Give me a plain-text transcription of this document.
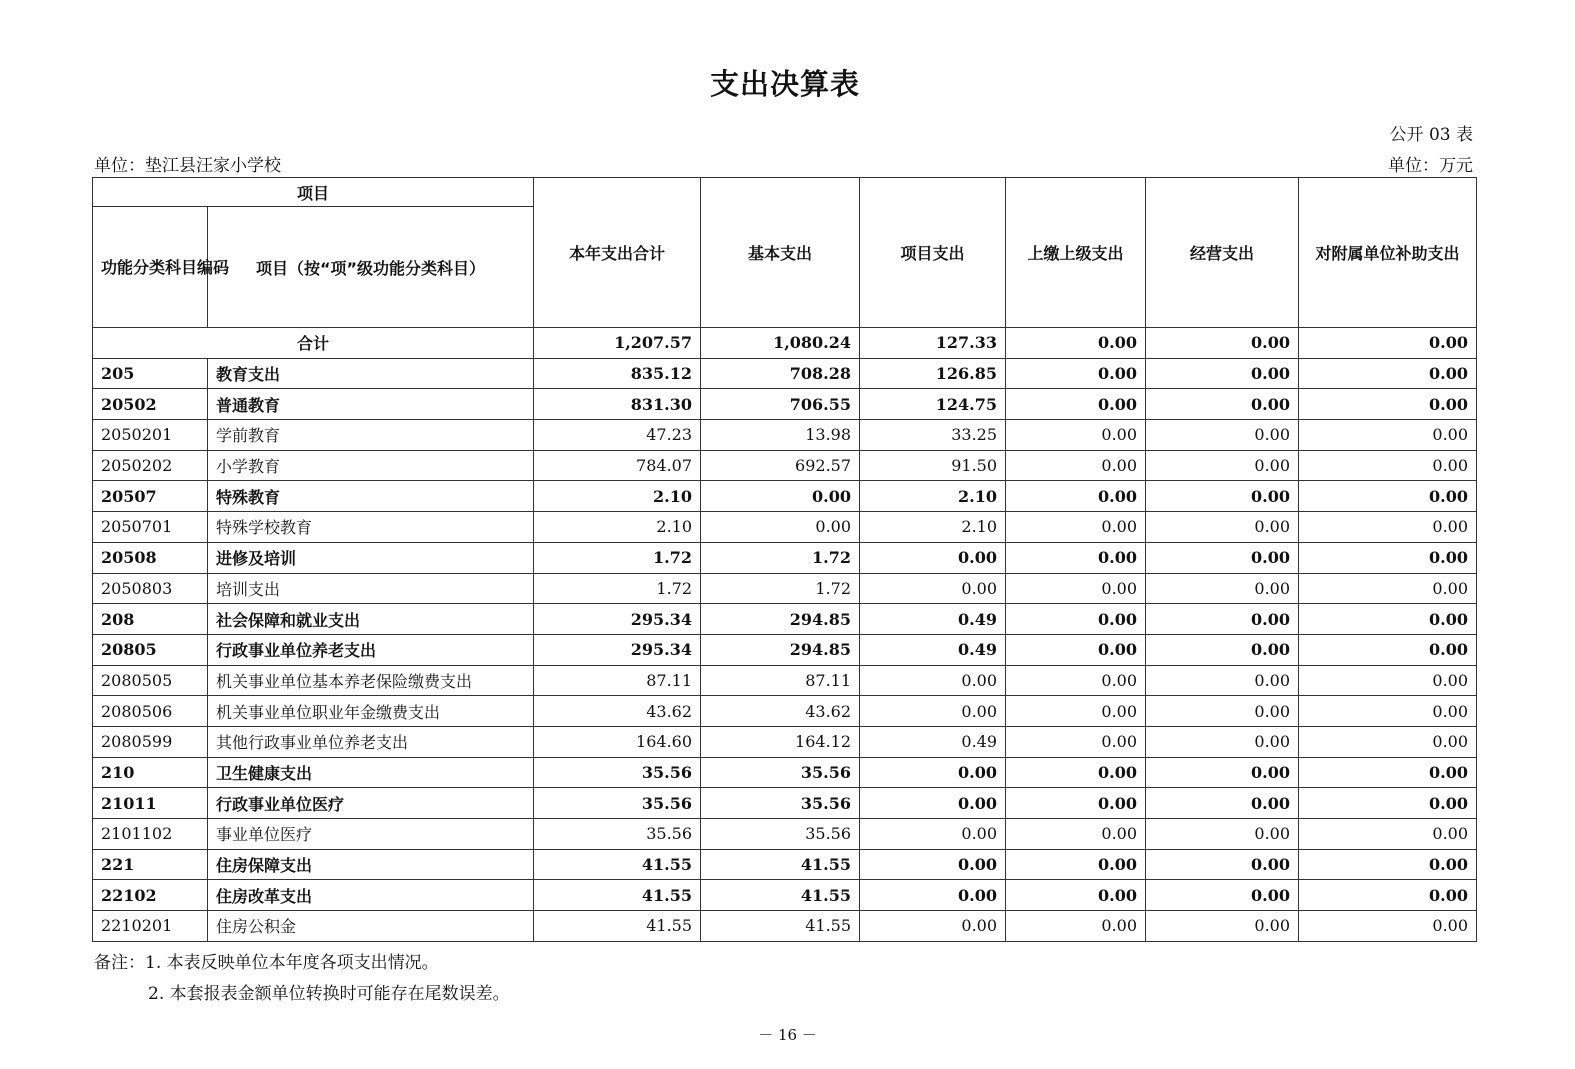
支出决算表
公开 03 表
单位：垫江县汪家小学校	单位：万元
项目		本年支出合计	基本支出	项目支出	上缴上级支出	经营支出	对附属单位补助支出
功能分类科目编码	项目（按“项”级功能分类科目）						
合计		1,207.57	1,080.24	127.33	0.00	0.00	0.00
205	教育支出	835.12	708.28	126.85	0.00	0.00	0.00
20502	普通教育	831.30	706.55	124.75	0.00	0.00	0.00
2050201	学前教育	47.23	13.98	33.25	0.00	0.00	0.00
2050202	小学教育	784.07	692.57	91.50	0.00	0.00	0.00
20507	特殊教育	2.10	0.00	2.10	0.00	0.00	0.00
2050701	特殊学校教育	2.10	0.00	2.10	0.00	0.00	0.00
20508	进修及培训	1.72	1.72	0.00	0.00	0.00	0.00
2050803	培训支出	1.72	1.72	0.00	0.00	0.00	0.00
208	社会保障和就业支出	295.34	294.85	0.49	0.00	0.00	0.00
20805	行政事业单位养老支出	295.34	294.85	0.49	0.00	0.00	0.00
2080505	机关事业单位基本养老保险缴费支出	87.11	87.11	0.00	0.00	0.00	0.00
2080506	机关事业单位职业年金缴费支出	43.62	43.62	0.00	0.00	0.00	0.00
2080599	其他行政事业单位养老支出	164.60	164.12	0.49	0.00	0.00	0.00
210	卫生健康支出	35.56	35.56	0.00	0.00	0.00	0.00
21011	行政事业单位医疗	35.56	35.56	0.00	0.00	0.00	0.00
2101102	事业单位医疗	35.56	35.56	0.00	0.00	0.00	0.00
221	住房保障支出	41.55	41.55	0.00	0.00	0.00	0.00
22102	住房改革支出	41.55	41.55	0.00	0.00	0.00	0.00
2210201	住房公积金	41.55	41.55	0.00	0.00	0.00	0.00
备注：1. 本表反映单位本年度各项支出情况。
2. 本套报表金额单位转换时可能存在尾数误差。
－ 16 －
